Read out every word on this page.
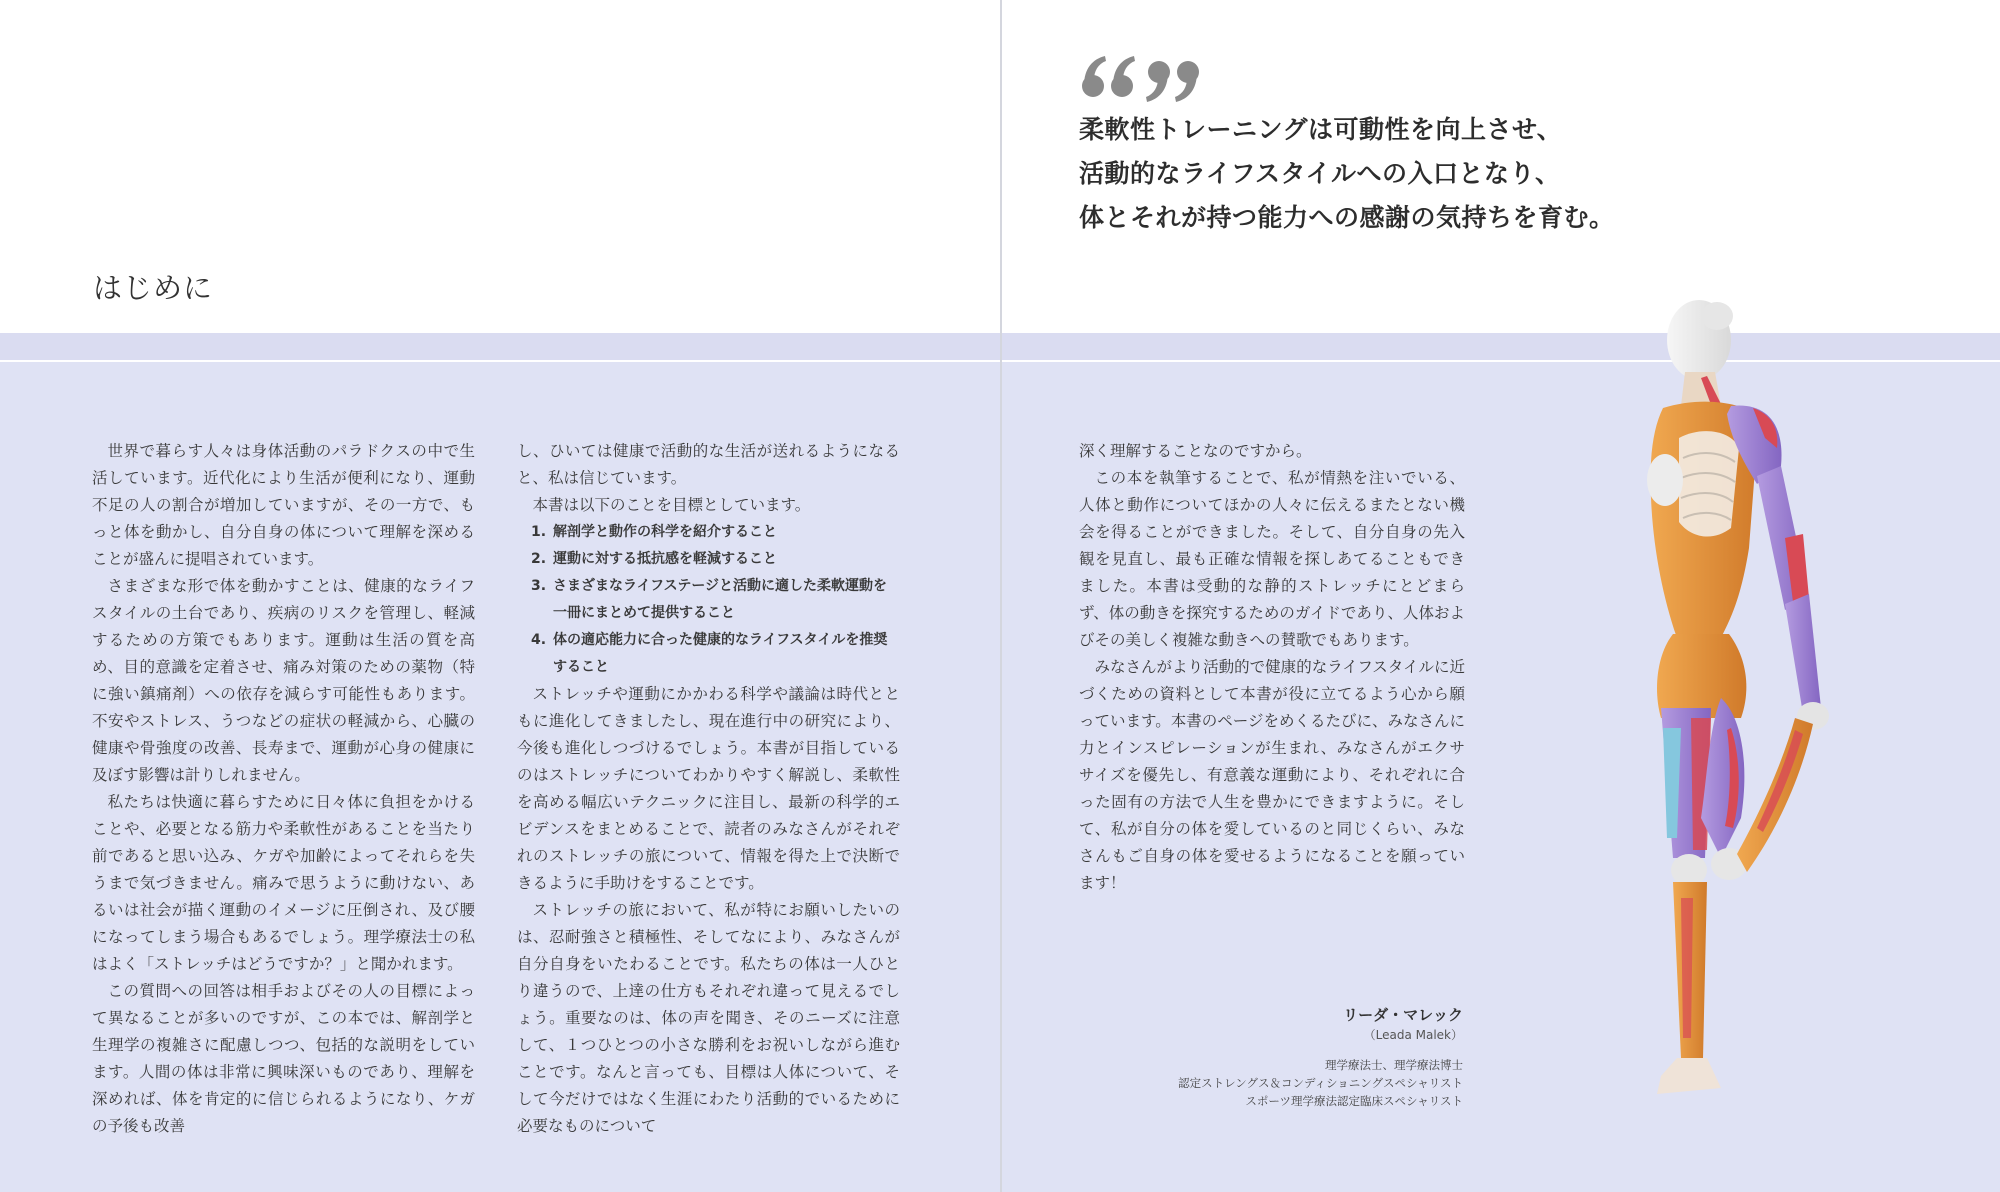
はじめに

世界で暮らす人々は身体活動のパラドクスの中で生活しています。近代化により生活が便利になり、運動不足の人の割合が増加していますが、その一方で、もっと体を動かし、自分自身の体について理解を深めることが盛んに提唱されています。

さまざまな形で体を動かすことは、健康的なライフスタイルの土台であり、疾病のリスクを管理し、軽減するための方策でもあります。運動は生活の質を高め、目的意識を定着させ、痛み対策のための薬物（特に強い鎮痛剤）への依存を減らす可能性もあります。不安やストレス、うつなどの症状の軽減から、心臓の健康や骨強度の改善、長寿まで、運動が心身の健康に及ぼす影響は計りしれません。

私たちは快適に暮らすために日々体に負担をかけることや、必要となる筋力や柔軟性があることを当たり前であると思い込み、ケガや加齢によってそれらを失うまで気づきません。痛みで思うように動けない、あるいは社会が描く運動のイメージに圧倒され、及び腰になってしまう場合もあるでしょう。理学療法士の私はよく「ストレッチはどうですか？」と聞かれます。

この質問への回答は相手およびその人の目標によって異なることが多いのですが、この本では、解剖学と生理学の複雑さに配慮しつつ、包括的な説明をしています。人間の体は非常に興味深いものであり、理解を深めれば、体を肯定的に信じられるようになり、ケガの予後も改善

し、ひいては健康で活動的な生活が送れるようになると、私は信じています。

本書は以下のことを目標としています。

1. 解剖学と動作の科学を紹介すること
2. 運動に対する抵抗感を軽減すること
3. さまざまなライフステージと活動に適した柔軟運動を一冊にまとめて提供すること
4. 体の適応能力に合った健康的なライフスタイルを推奨すること

ストレッチや運動にかかわる科学や議論は時代とともに進化してきましたし、現在進行中の研究により、今後も進化しつづけるでしょう。本書が目指しているのはストレッチについてわかりやすく解説し、柔軟性を高める幅広いテクニックに注目し、最新の科学的エビデンスをまとめることで、読者のみなさんがそれぞれのストレッチの旅について、情報を得た上で決断できるように手助けをすることです。

ストレッチの旅において、私が特にお願いしたいのは、忍耐強さと積極性、そしてなにより、みなさんが自分自身をいたわることです。私たちの体は一人ひとり違うので、上達の仕方もそれぞれ違って見えるでしょう。重要なのは、体の声を聞き、そのニーズに注意して、１つひとつの小さな勝利をお祝いしながら進むことです。なんと言っても、目標は人体について、そして今だけではなく生涯にわたり活動的でいるために必要なものについて

柔軟性トレーニングは可動性を向上させ、
活動的なライフスタイルへの入口となり、
体とそれが持つ能力への感謝の気持ちを育む。

深く理解することなのですから。

この本を執筆することで、私が情熱を注いでいる、人体と動作についてほかの人々に伝えるまたとない機会を得ることができました。そして、自分自身の先入観を見直し、最も正確な情報を探しあてることもできました。本書は受動的な静的ストレッチにとどまらず、体の動きを探究するためのガイドであり、人体およびその美しく複雑な動きへの賛歌でもあります。

みなさんがより活動的で健康的なライフスタイルに近づくための資料として本書が役に立てるよう心から願っています。本書のページをめくるたびに、みなさんに力とインスピレーションが生まれ、みなさんがエクササイズを優先し、有意義な運動により、それぞれに合った固有の方法で人生を豊かにできますように。そして、私が自分の体を愛しているのと同じくらい、みなさんもご自身の体を愛せるようになることを願っています！

リーダ・マレック
（Leada Malek）
理学療法士、理学療法博士
認定ストレングス＆コンディショニングスペシャリスト
スポーツ理学療法認定臨床スペシャリスト
